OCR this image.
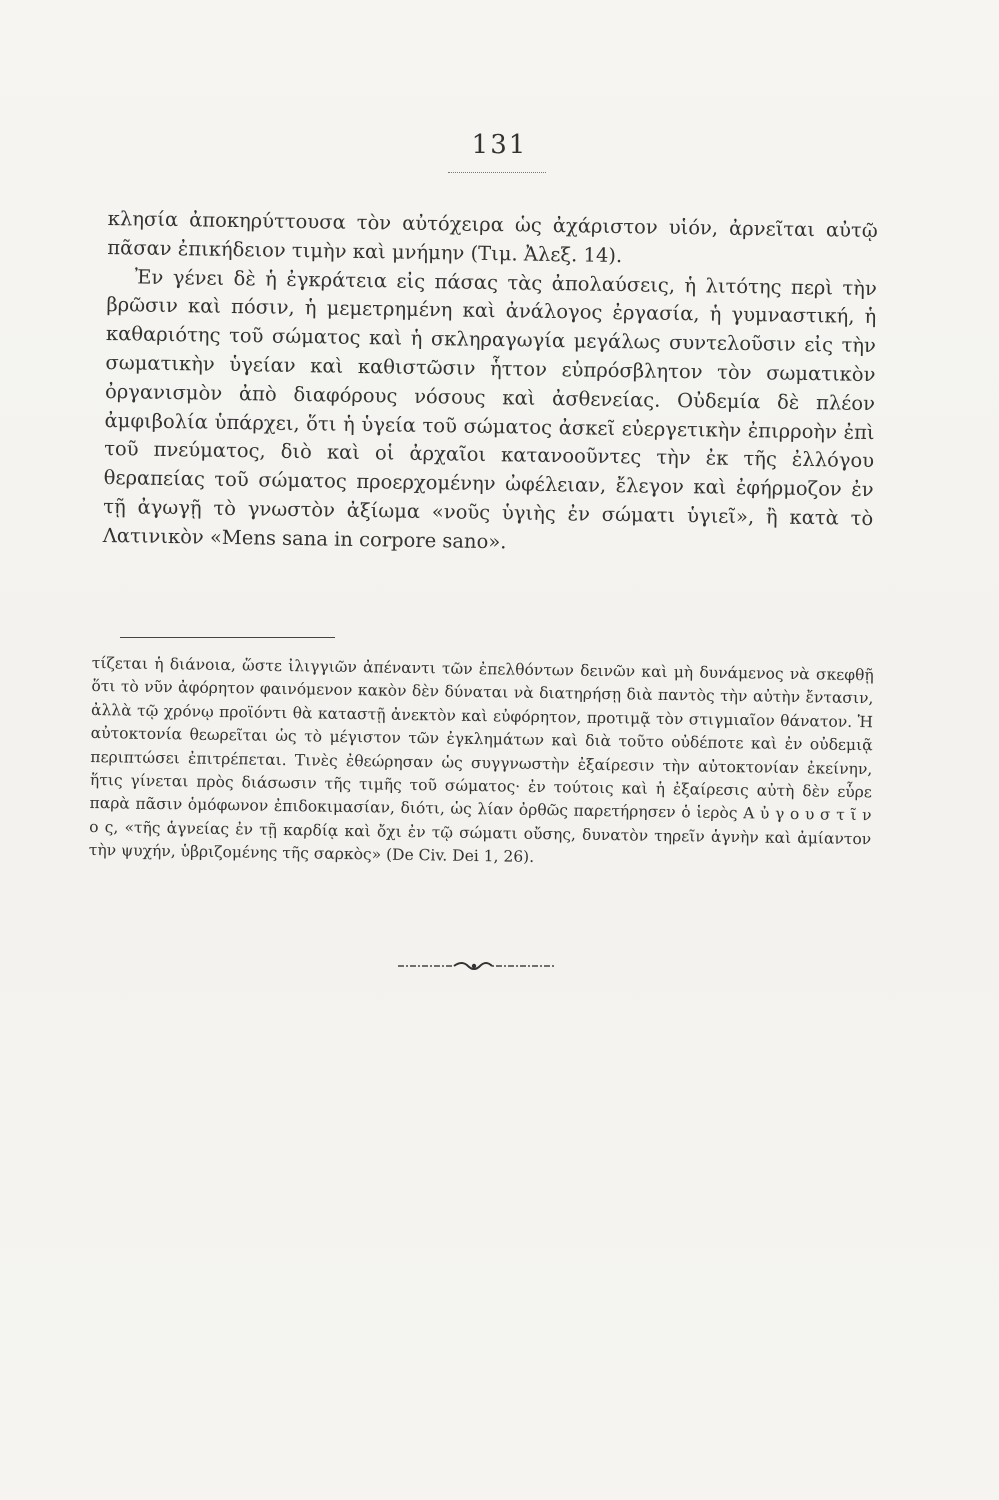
131

κλησία ἀποκηρύττουσα τὸν αὐτόχειρα ὡς ἀχάριστον υἱόν, ἀρνεῖται αὐτῷ πᾶσαν ἐπικήδειον τιμὴν καὶ μνήμην (Τιμ. Ἀλεξ. 14).

Ἐν γένει δὲ ἡ ἐγκράτεια εἰς πάσας τὰς ἀπολαύσεις, ἡ λιτότης περὶ τὴν βρῶσιν καὶ πόσιν, ἡ μεμετρημένη καὶ ἀνάλογος ἐργασία, ἡ γυμναστική, ἡ καθαριότης τοῦ σώματος καὶ ἡ σκληραγωγία μεγάλως συντελοῦσιν εἰς τὴν σωματικὴν ὑγείαν καὶ καθιστῶσιν ἧττον εὐπρόσβλητον τὸν σωματικὸν ὀργανισμὸν ἀπὸ διαφόρους νόσους καὶ ἀσθενείας. Οὐδεμία δὲ πλέον ἀμφιβολία ὑπάρχει, ὅτι ἡ ὑγεία τοῦ σώματος ἀσκεῖ εὐεργετικὴν ἐπιρροὴν ἐπὶ τοῦ πνεύματος, διὸ καὶ οἱ ἀρχαῖοι κατανοοῦντες τὴν ἐκ τῆς ἐλλόγου θεραπείας τοῦ σώματος προερχομένην ὠφέλειαν, ἔλεγον καὶ ἐφήρμοζον ἐν τῇ ἀγωγῇ τὸ γνωστὸν ἀξίωμα «νοῦς ὑγιὴς ἐν σώματι ὑγιεῖ», ἢ κατὰ τὸ Λατινικὸν «Mens sana in corpore sano».

τίζεται ἡ διάνοια, ὥστε ἰλιγγιῶν ἀπέναντι τῶν ἐπελθόντων δεινῶν καὶ μὴ δυνάμενος νὰ σκεφθῇ ὅτι τὸ νῦν ἀφόρητον φαινόμενον κακὸν δὲν δύναται νὰ διατηρήσῃ διὰ παντὸς τὴν αὐτὴν ἔντασιν, ἀλλὰ τῷ χρόνῳ προϊόντι θὰ καταστῇ ἀνεκτὸν καὶ εὐφόρητον, προτιμᾷ τὸν στιγμιαῖον θάνατον. Ἡ αὐτοκτονία θεωρεῖται ὡς τὸ μέγιστον τῶν ἐγκλημάτων καὶ διὰ τοῦτο οὐδέποτε καὶ ἐν οὐδεμιᾷ περιπτώσει ἐπιτρέπεται. Τινὲς ἐθεώρησαν ὡς συγγνωστὴν ἐξαίρεσιν τὴν αὐτοκτονίαν ἐκείνην, ἥτις γίνεται πρὸς διάσωσιν τῆς τιμῆς τοῦ σώματος· ἐν τούτοις καὶ ἡ ἐξαίρεσις αὐτὴ δὲν εὗρε παρὰ πᾶσιν ὁμόφωνον ἐπιδοκιμασίαν, διότι, ὡς λίαν ὀρθῶς παρετήρησεν ὁ ἱερὸς Α ὐ γ ο υ σ τ ῖ ν ο ς, «τῆς ἁγνείας ἐν τῇ καρδίᾳ καὶ ὄχι ἐν τῷ σώματι οὔσης, δυνατὸν τηρεῖν ἁγνὴν καὶ ἀμίαντον τὴν ψυχήν, ὑβριζομένης τῆς σαρκὸς» (De Civ. Dei 1, 26).
